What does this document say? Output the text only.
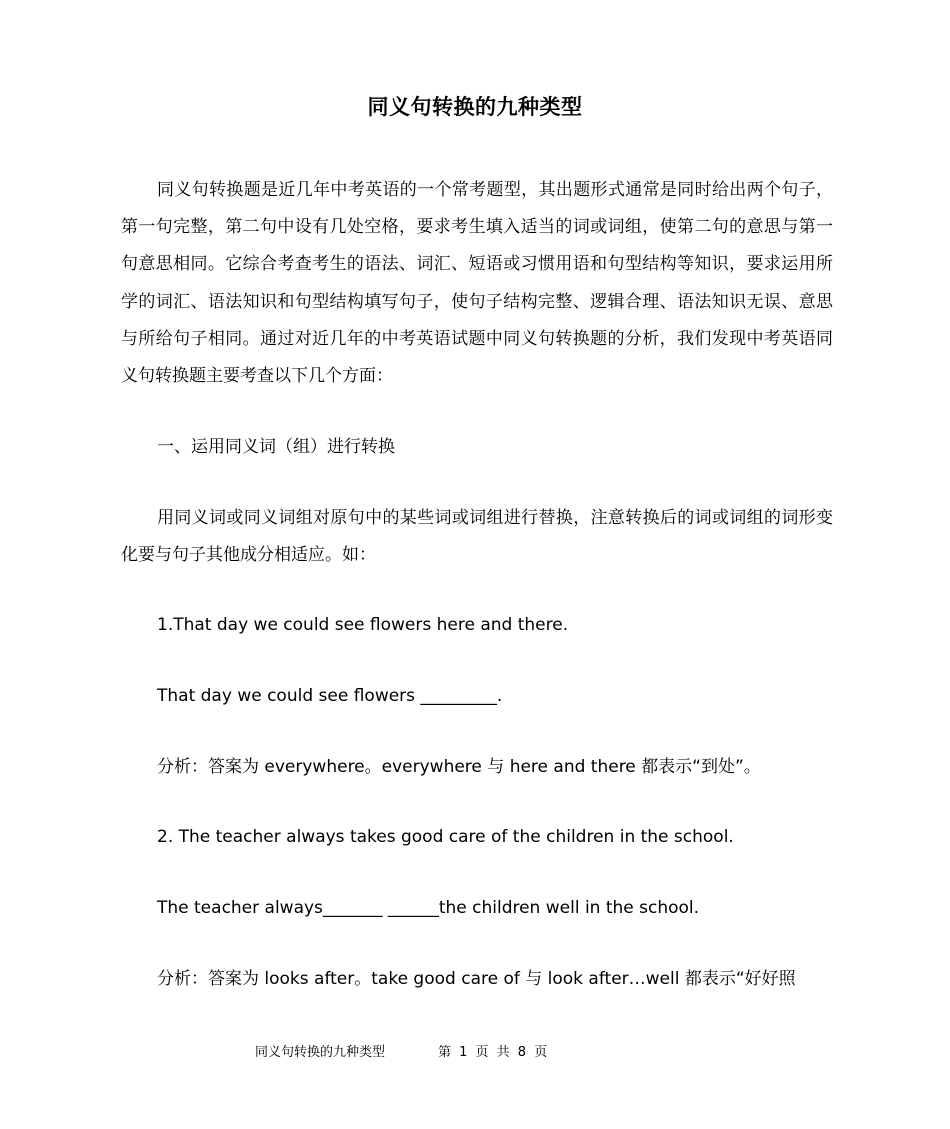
同义句转换的九种类型

同义句转换题是近几年中考英语的一个常考题型，其出题形式通常是同时给出两个句子，第一句完整，第二句中设有几处空格，要求考生填入适当的词或词组，使第二句的意思与第一句意思相同。它综合考查考生的语法、词汇、短语或习惯用语和句型结构等知识，要求运用所学的词汇、语法知识和句型结构填写句子，使句子结构完整、逻辑合理、语法知识无误、意思与所给句子相同。通过对近几年的中考英语试题中同义句转换题的分析，我们发现中考英语同义句转换题主要考查以下几个方面：

一、运用同义词（组）进行转换

用同义词或同义词组对原句中的某些词或词组进行替换，注意转换后的词或词组的词形变化要与句子其他成分相适应。如：

1.That day we could see flowers here and there.

That day we could see flowers _________.

分析：答案为 everywhere。everywhere 与 here and there 都表示“到处”。

2. The teacher always takes good care of the children in the school.

The teacher always_______ ______the children well in the school.

分析：答案为 looks after。take good care of 与 look after…well 都表示“好好照

同义句转换的九种类型	第 1 页 共 8 页
